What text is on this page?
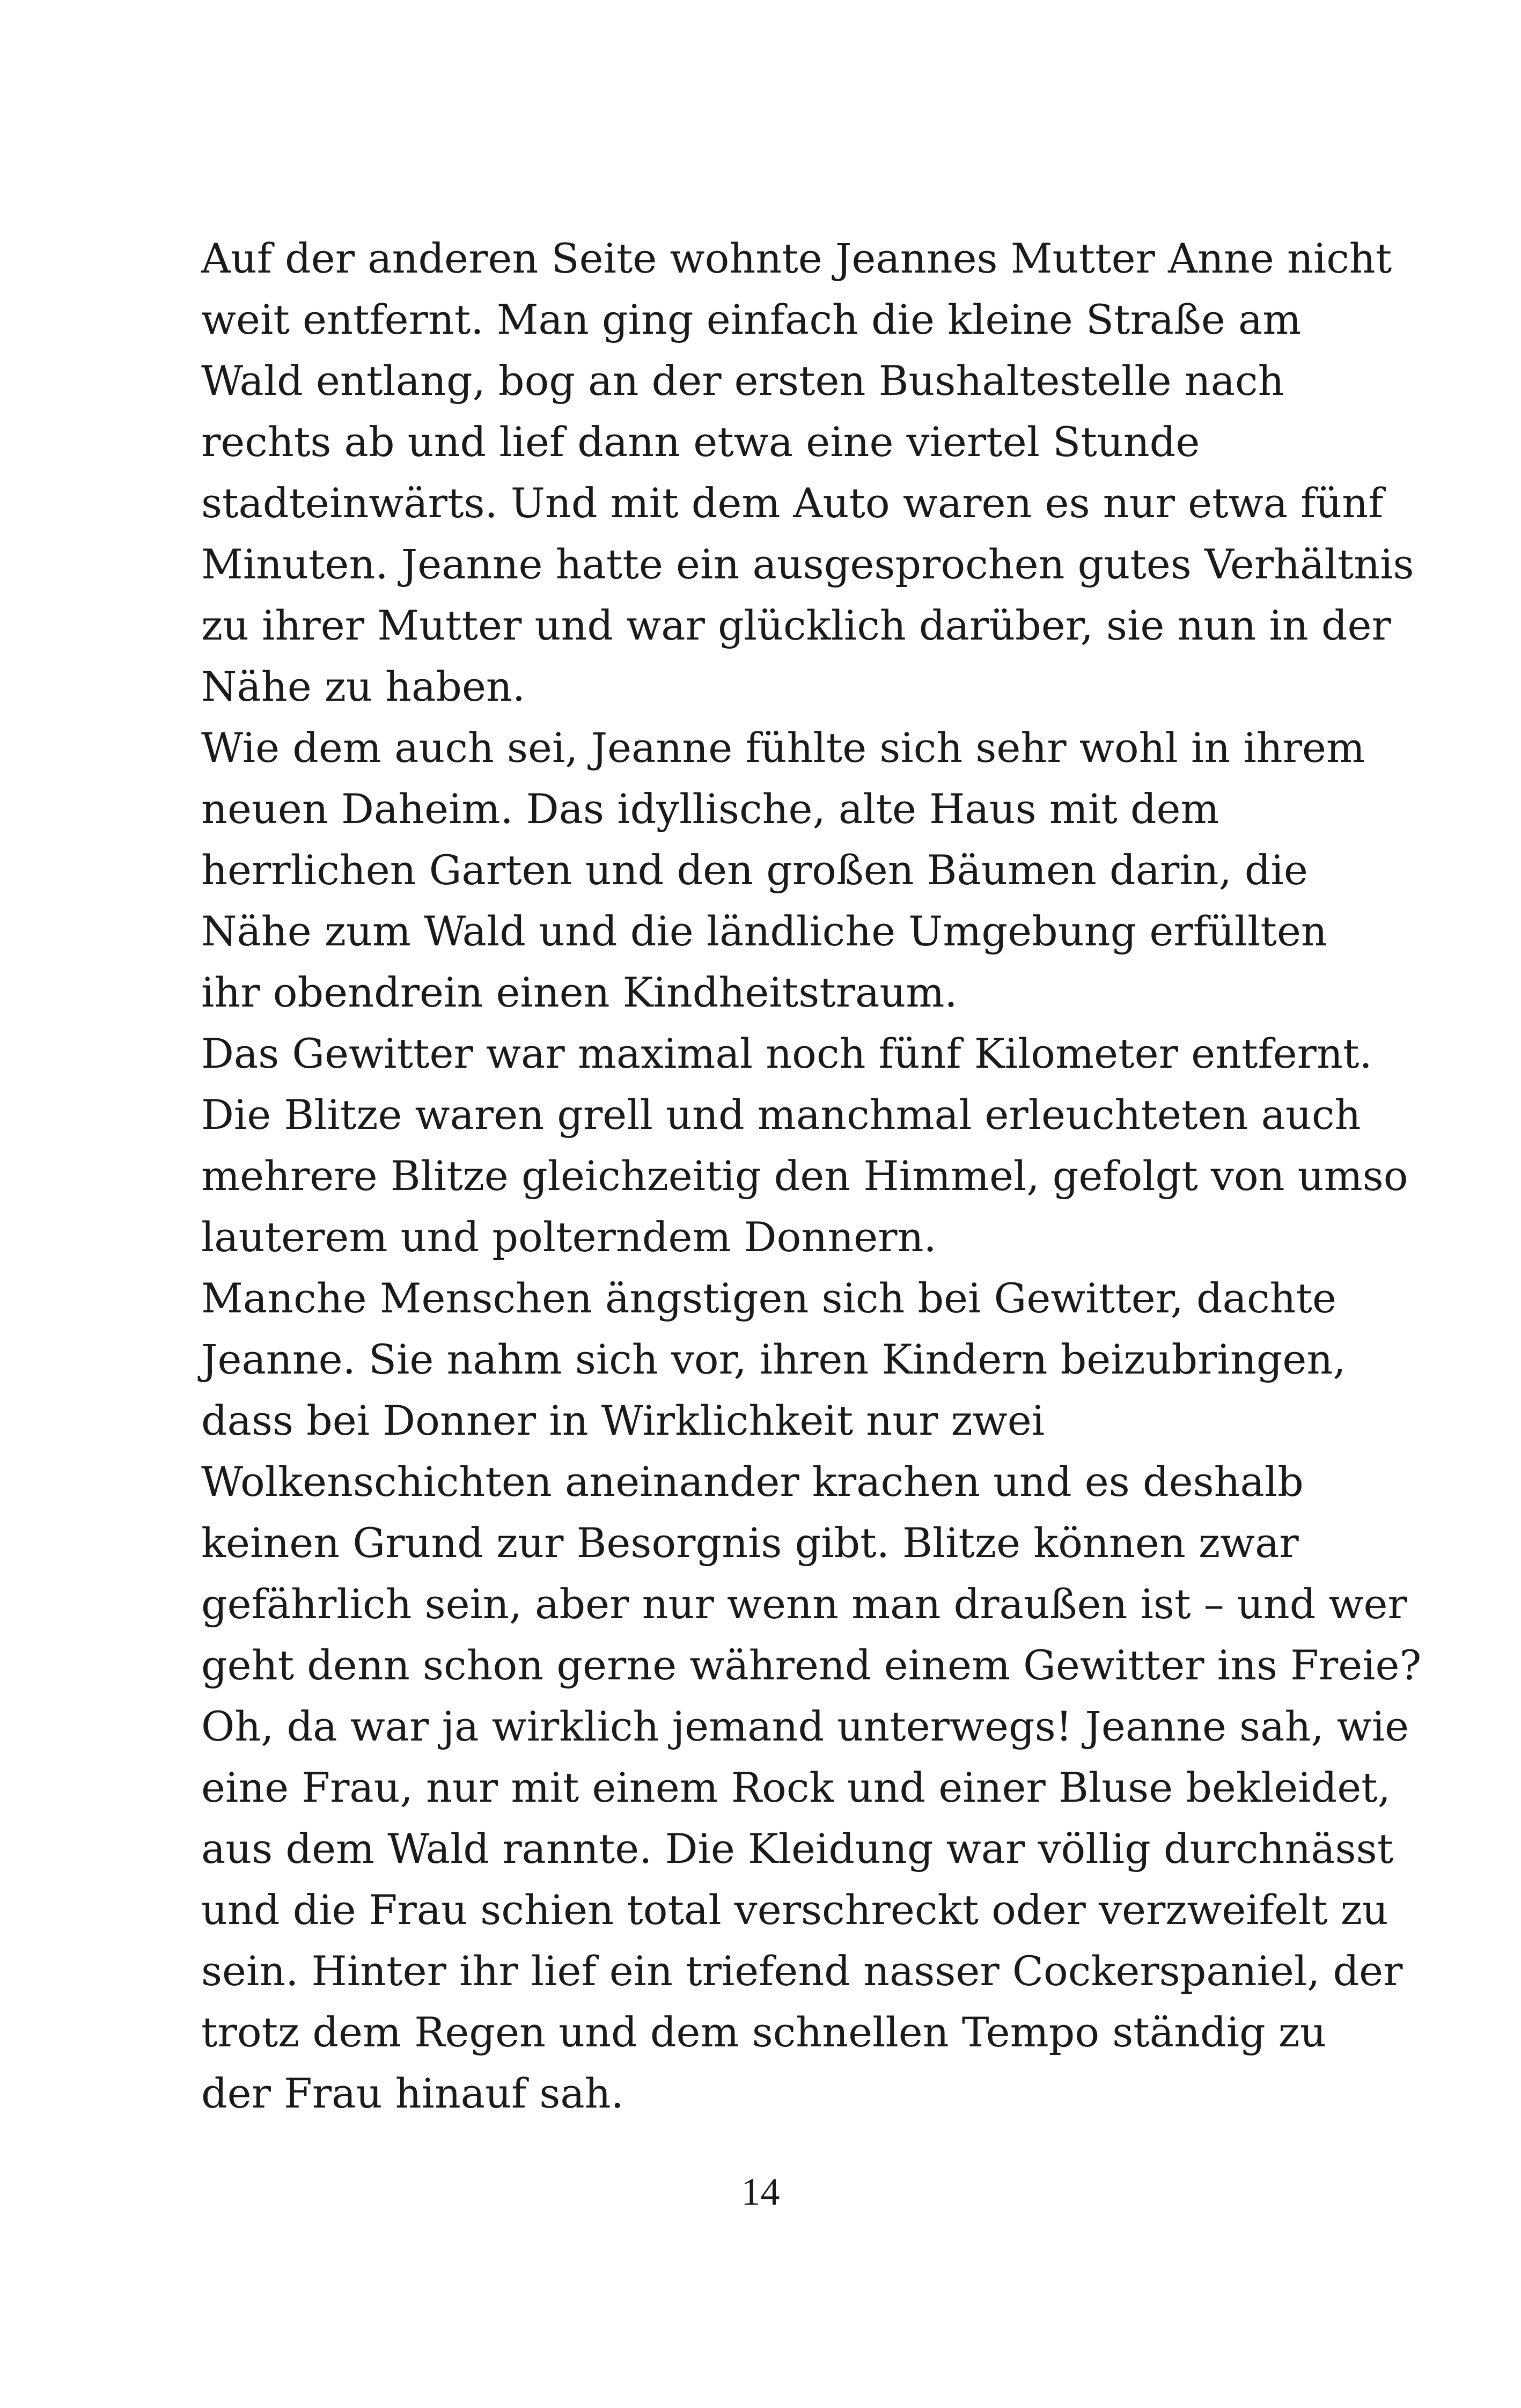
Auf der anderen Seite wohnte Jeannes Mutter Anne nicht
weit entfernt. Man ging einfach die kleine Straße am
Wald entlang, bog an der ersten Bushaltestelle nach
rechts ab und lief dann etwa eine viertel Stunde
stadteinwärts. Und mit dem Auto waren es nur etwa fünf
Minuten. Jeanne hatte ein ausgesprochen gutes Verhältnis
zu ihrer Mutter und war glücklich darüber, sie nun in der
Nähe zu haben.
Wie dem auch sei, Jeanne fühlte sich sehr wohl in ihrem
neuen Daheim. Das idyllische, alte Haus mit dem
herrlichen Garten und den großen Bäumen darin, die
Nähe zum Wald und die ländliche Umgebung erfüllten
ihr obendrein einen Kindheitstraum.
Das Gewitter war maximal noch fünf Kilometer entfernt.
Die Blitze waren grell und manchmal erleuchteten auch
mehrere Blitze gleichzeitig den Himmel, gefolgt von umso
lauterem und polterndem Donnern.
Manche Menschen ängstigen sich bei Gewitter, dachte
Jeanne. Sie nahm sich vor, ihren Kindern beizubringen,
dass bei Donner in Wirklichkeit nur zwei
Wolkenschichten aneinander krachen und es deshalb
keinen Grund zur Besorgnis gibt. Blitze können zwar
gefährlich sein, aber nur wenn man draußen ist – und wer
geht denn schon gerne während einem Gewitter ins Freie?
Oh, da war ja wirklich jemand unterwegs! Jeanne sah, wie
eine Frau, nur mit einem Rock und einer Bluse bekleidet,
aus dem Wald rannte. Die Kleidung war völlig durchnässt
und die Frau schien total verschreckt oder verzweifelt zu
sein. Hinter ihr lief ein triefend nasser Cockerspaniel, der
trotz dem Regen und dem schnellen Tempo ständig zu
der Frau hinauf sah.
14
